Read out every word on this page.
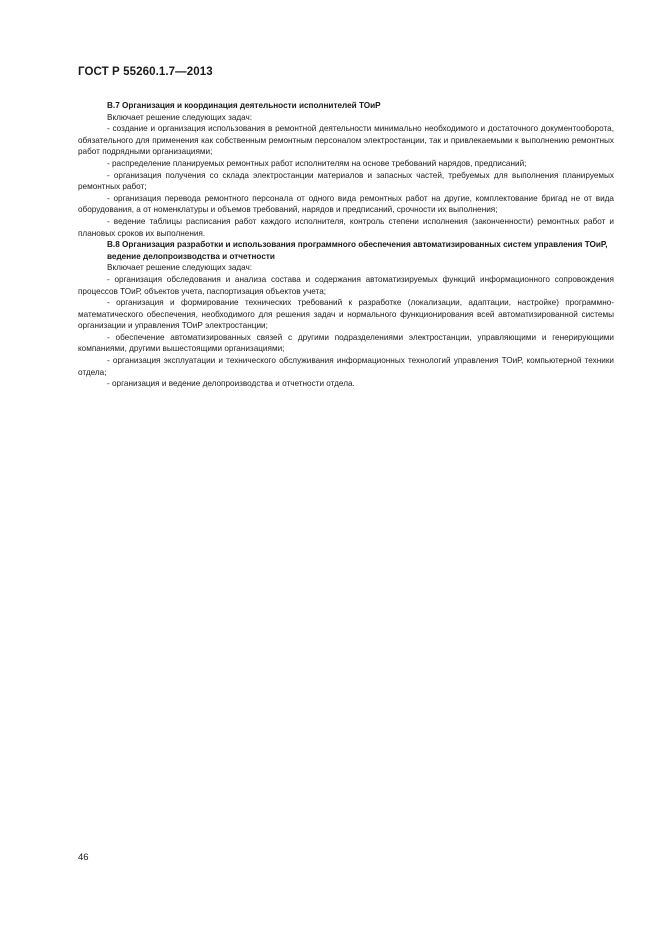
ГОСТ Р 55260.1.7—2013

В.7 Организация и координация деятельности исполнителей ТОиР

Включает решение следующих задач:

- создание и организация использования в ремонтной деятельности минимально необходимого и достаточного документооборота, обязательного для применения как собственным ремонтным персоналом электростанции, так и привлекаемыми к выполнению ремонтных работ подрядными организациями;

- распределение планируемых ремонтных работ исполнителям на основе требований нарядов, предписаний;

- организация получения со склада электростанции материалов и запасных частей, требуемых для выполнения планируемых ремонтных работ;

- организация перевода ремонтного персонала от одного вида ремонтных работ на другие, комплектование бригад не от вида оборудования, а от номенклатуры и объемов требований, нарядов и предписаний, срочности их выполнения;

- ведение таблицы расписания работ каждого исполнителя, контроль степени исполнения (законченности) ремонтных работ и плановых сроков их выполнения.

В.8 Организация разработки и использования программного обеспечения автоматизированных систем управления ТОиР, ведение делопроизводства и отчетности

Включает решение следующих задач:

- организация обследования и анализа состава и содержания автоматизируемых функций информационного сопровождения процессов ТОиР, объектов учета, паспортизация объектов учета;

- организация и формирование технических требований к разработке (локализации, адаптации, настройке) программно-математического обеспечения, необходимого для решения задач и нормального функционирования всей автоматизированной системы организации и управления ТОиР электростанции;

- обеспечение автоматизированных связей с другими подразделениями электростанции, управляющими и генерирующими компаниями, другими вышестоящими организациями;

- организация эксплуатации и технического обслуживания информационных технологий управления ТОиР, компьютерной техники отдела;

- организация и ведение делопроизводства и отчетности отдела.

46
